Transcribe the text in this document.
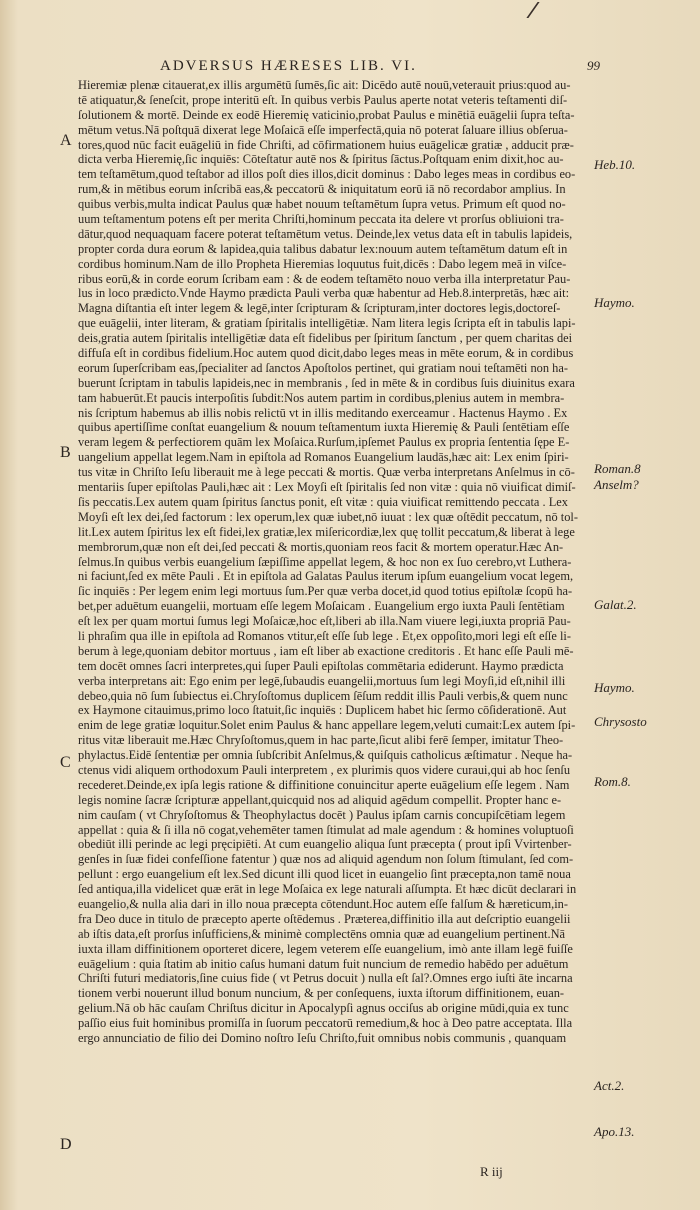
ADVERSUS HÆRESES LIB. VI.	99
A
B
C
D
Heb.10.
Haymo.
Roman.8
Anselm?
Galat.2.
Haymo.
Chrysosto
Rom.8.
Act.2.
Apo.13.
Hieremiæ plenæ citauerat,ex illis argumētū ſumēs,ſic ait: Dicēdo autē nouū,veterauit prius:quod au-
tē atiquatur,& ſeneſcit, prope interitū eſt. In quibus verbis Paulus aperte notat veteris teſtamenti diſ-
ſolutionem & mortē. Deinde ex eodē Hieremię vaticinio,probat Paulus e minētiā euāgelii ſupra teſta-
mētum vetus.Nā poſtquā dixerat lege Moſaicā eſſe imperfectā,quia nō poterat ſaluare illius obſerua-
tores,quod nūc facit euāgeliū in fide Chriſti, ad cōfirmationem huius euāgelicæ gratiæ , adducit præ-
dicta verba Hieremię,ſic inquiēs: Cōteſtatur autē nos & ſpiritus ſāctus.Poſtquam enim dixit,hoc au-
tem teſtamētum,quod teſtabor ad illos poſt dies illos,dicit dominus : Dabo leges meas in cordibus eo-
rum,& in mētibus eorum inſcribā eas,& peccatorū & iniquitatum eorū iā nō recordabor amplius. In
quibus verbis,multa indicat Paulus quæ habet nouum teſtamētum ſupra vetus. Primum eſt quod no-
uum teſtamentum potens eſt per merita Chriſti,hominum peccata ita delere vt prorſus obliuioni tra-
dātur,quod nequaquam facere poterat teſtamētum vetus. Deinde,lex vetus data eſt in tabulis lapideis,
propter corda dura eorum & lapidea,quia talibus dabatur lex:nouum autem teſtamētum datum eſt in
cordibus hominum.Nam de illo Propheta Hieremias loquutus fuit,dicēs : Dabo legem meā in viſce-
ribus eorū,& in corde eorum ſcribam eam : & de eodem teſtamēto nouo verba illa interpretatur Pau-
lus in loco prædicto.Vnde Haymo prædicta Pauli verba quæ habentur ad Heb.8.interpretās, hæc ait:
Magna diſtantia eſt inter legem & legē,inter ſcripturam & ſcripturam,inter doctores legis,doctoreſ-
que euāgelii, inter literam, & gratiam ſpiritalis intelligētiæ. Nam litera legis ſcripta eſt in tabulis lapi-
deis,gratia autem ſpiritalis intelligētiæ data eſt fidelibus per ſpiritum ſanctum , per quem charitas dei
diffuſa eſt in cordibus fidelium.Hoc autem quod dicit,dabo leges meas in mēte eorum, & in cordibus
eorum ſuperſcribam eas,ſpecialiter ad ſanctos Apoſtolos pertinet, qui gratiam noui teſtamēti non ha-
buerunt ſcriptam in tabulis lapideis,nec in membranis , ſed in mēte & in cordibus ſuis diuinitus exara
tam habuerūt.Et paucis interpoſitis ſubdit:Nos autem partim in cordibus,plenius autem in membra-
nis ſcriptum habemus ab illis nobis relictū vt in illis meditando exerceamur . Hactenus Haymo . Ex
quibus apertiſſime conſtat euangelium & nouum teſtamentum iuxta Hieremię & Pauli ſentētiam eſſe
veram legem & perfectiorem quām lex Moſaica.Rurſum,ipſemet Paulus ex propria ſententia ſępe E-
uangelium appellat legem.Nam in epiſtola ad Romanos Euangelium laudās,hæc ait: Lex enim ſpiri-
tus vitæ in Chriſto Ieſu liberauit me à lege peccati & mortis. Quæ verba interpretans Anſelmus in cō-
mentariis ſuper epiſtolas Pauli,hæc ait : Lex Moyſi eſt ſpiritalis ſed non vitæ : quia nō viuificat dimiſ-
ſis peccatis.Lex autem quam ſpiritus ſanctus ponit, eſt vitæ : quia viuificat remittendo peccata . Lex
Moyſi eſt lex dei,ſed factorum : lex operum,lex quæ iubet,nō iuuat : lex quæ oſtēdit peccatum, nō tol-
lit.Lex autem ſpiritus lex eſt fidei,lex gratiæ,lex miſericordiæ,lex quę tollit peccatum,& liberat à lege
membrorum,quæ non eſt dei,ſed peccati & mortis,quoniam reos facit & mortem operatur.Hæc An-
ſelmus.In quibus verbis euangelium ſæpiſſime appellat legem, & hoc non ex ſuo cerebro,vt Luthera-
ni faciunt,ſed ex mēte Pauli . Et in epiſtola ad Galatas Paulus iterum ipſum euangelium vocat legem,
ſic inquiēs : Per legem enim legi mortuus ſum.Per quæ verba docet,id quod totius epiſtolæ ſcopū ha-
bet,per aduētum euangelii, mortuam eſſe legem Moſaicam . Euangelium ergo iuxta Pauli ſentētiam
eſt lex per quam mortui ſumus legi Moſaicæ,hoc eſt,liberi ab illa.Nam viuere legi,iuxta propriā Pau-
li phraſim qua ille in epiſtola ad Romanos vtitur,eſt eſſe ſub lege . Et,ex oppoſito,mori legi eſt eſſe li-
berum à lege,quoniam debitor mortuus , iam eſt liber ab exactione creditoris . Et hanc eſſe Pauli mē-
tem docēt omnes ſacri interpretes,qui ſuper Pauli epiſtolas commētaria ediderunt. Haymo prædicta
verba interpretans ait: Ego enim per legē,ſubaudis euangelii,mortuus ſum legi Moyſi,id eſt,nihil illi
debeo,quia nō ſum ſubiectus ei.Chryſoſtomus duplicem ſēſum reddit illis Pauli verbis,& quem nunc
ex Haymone citauimus,primo loco ſtatuit,ſic inquiēs : Duplicem habet hic ſermo cōſiderationē. Aut
enim de lege gratiæ loquitur.Solet enim Paulus & hanc appellare legem,veluti cumait:Lex autem ſpi-
ritus vitæ liberauit me.Hæc Chryſoſtomus,quem in hac parte,ſicut alibi ferē ſemper, imitatur Theo-
phylactus.Eidē ſententiæ per omnia ſubſcribit Anſelmus,& quiſquis catholicus æſtimatur . Neque ha-
ctenus vidi aliquem orthodoxum Pauli interpretem , ex plurimis quos videre curaui,qui ab hoc ſenſu
recederet.Deinde,ex ipſa legis ratione & diffinitione conuincitur aperte euāgelium eſſe legem . Nam
legis nomine ſacræ ſcripturæ appellant,quicquid nos ad aliquid agēdum compellit. Propter hanc e-
nim cauſam ( vt Chryſoſtomus & Theophylactus docēt ) Paulus ipſam carnis concupiſcētiam legem
appellat : quia & ſi illa nō cogat,vehemēter tamen ſtimulat ad male agendum : & homines voluptuoſi
obediūt illi perinde ac legi pręcipiēti. At cum euangelio aliqua ſunt præcepta ( prout ipſi Vvirtenber-
genſes in ſuæ fidei confeſſione fatentur ) quæ nos ad aliquid agendum non ſolum ſtimulant, ſed com-
pellunt : ergo euangelium eſt lex.Sed dicunt illi quod licet in euangelio ſint præcepta,non tamē noua
ſed antiqua,illa videlicet quæ erāt in lege Moſaica ex lege naturali aſſumpta. Et hæc dicūt declarari in
euangelio,& nulla alia dari in illo noua præcepta cōtendunt.Hoc autem eſſe falſum & hæreticum,in-
fra Deo duce in titulo de præcepto aperte oſtēdemus . Præterea,diffinitio illa aut deſcriptio euangelii
ab iſtis data,eſt prorſus inſufficiens,& minimè complectēns omnia quæ ad euangelium pertinent.Nā
iuxta illam diffinitionem oporteret dicere, legem veterem eſſe euangelium, imò ante illam legē fuiſſe
euāgelium : quia ſtatim ab initio caſus humani datum fuit nuncium de remedio habēdo per aduētum
Chriſti futuri mediatoris,ſine cuius fide ( vt Petrus docuit ) nulla eſt ſal?.Omnes ergo iuſti āte incarna
tionem verbi nouerunt illud bonum nuncium, & per conſequens, iuxta iſtorum diffinitionem, euan-
gelium.Nā ob hāc cauſam Chriſtus dicitur in Apocalypſi agnus occiſus ab origine mūdi,quia ex tunc
paſſio eius fuit hominibus promiſſa in ſuorum peccatorū remedium,& hoc à Deo patre acceptata. Illa
ergo annunciatio de filio dei Domino noſtro Ieſu Chriſto,fuit omnibus nobis communis , quanquam
R iij
